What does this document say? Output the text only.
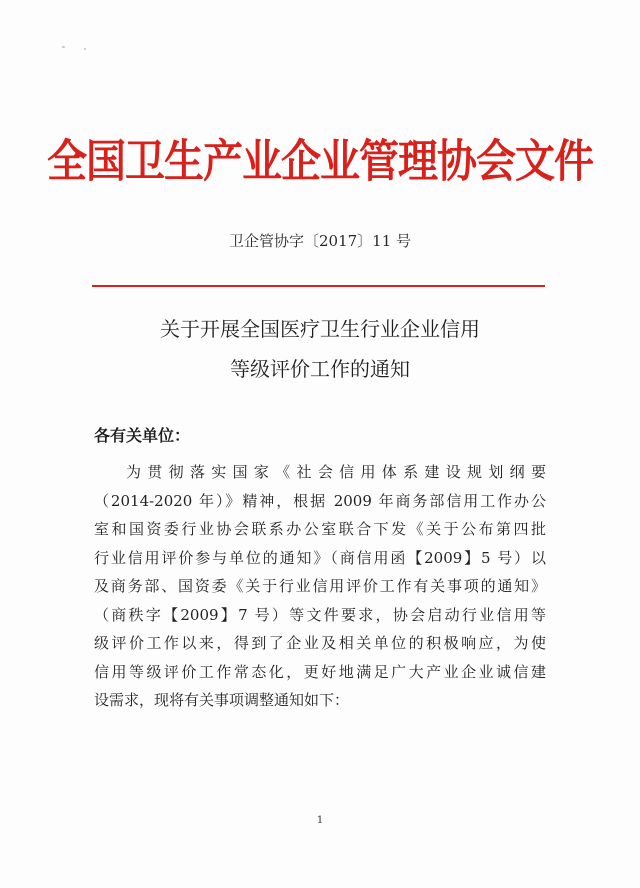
全国卫生产业企业管理协会文件
卫企管协字〔2017〕11 号
关于开展全国医疗卫生行业企业信用
等级评价工作的通知
各有关单位：
为贯彻落实国家《社会信用体系建设规划纲要
（2014-2020 年）》精神，根据 2009 年商务部信用工作办公
室和国资委行业协会联系办公室联合下发《关于公布第四批
行业信用评价参与单位的通知》（商信用函【2009】5 号）以
及商务部、国资委《关于行业信用评价工作有关事项的通知》
（商秩字【2009】7 号）等文件要求，协会启动行业信用等
级评价工作以来，得到了企业及相关单位的积极响应，为使
信用等级评价工作常态化，更好地满足广大产业企业诚信建
设需求，现将有关事项调整通知如下：
1
